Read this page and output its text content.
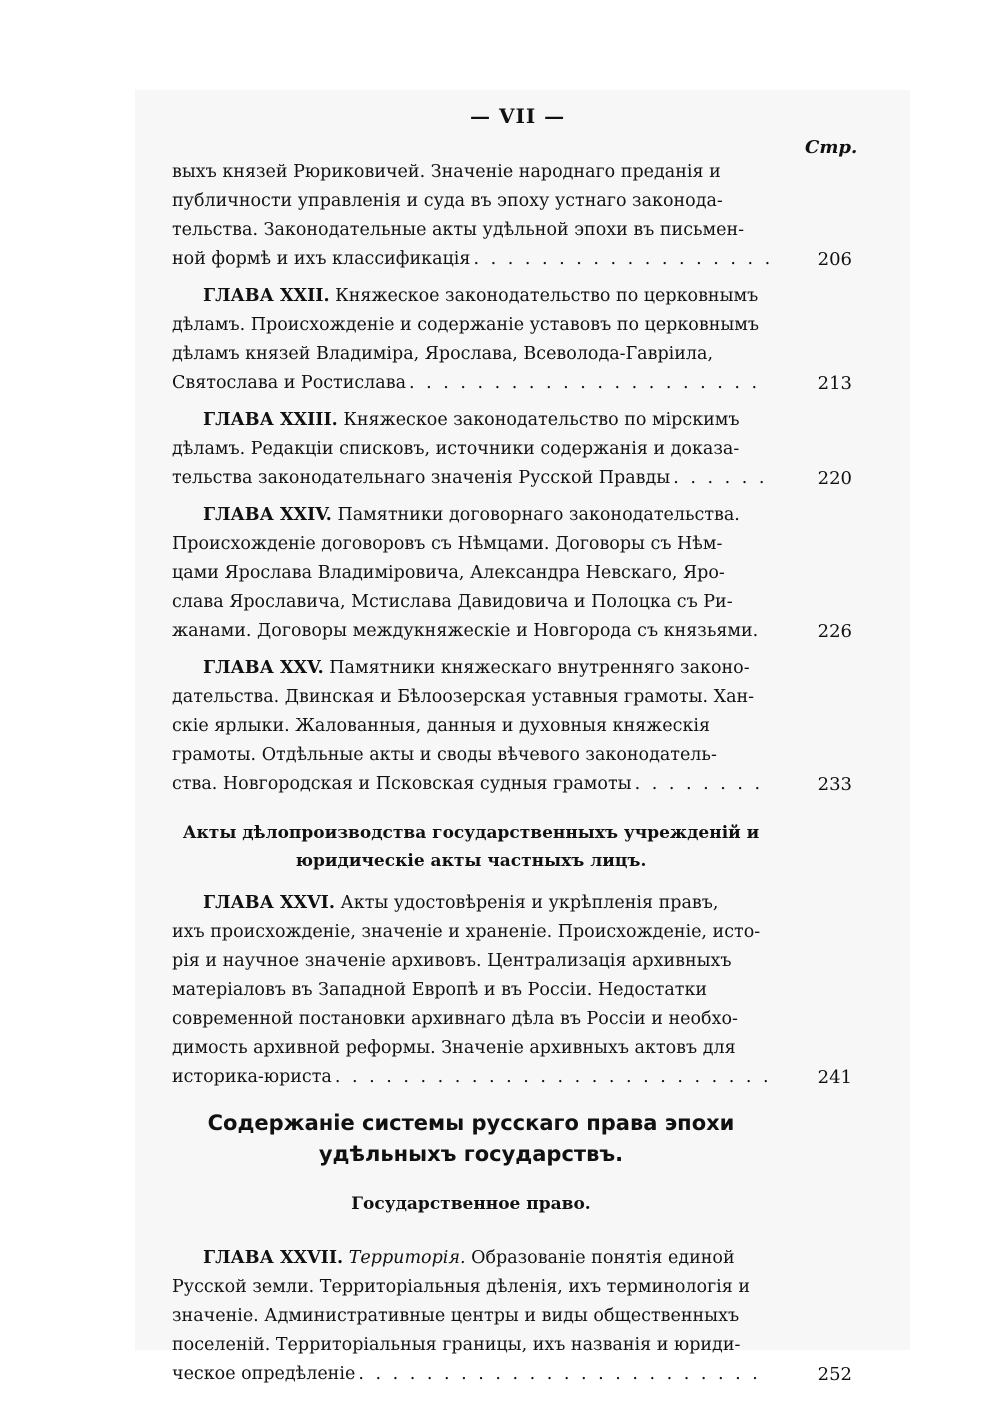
— VII —
Стр.
выхъ князей Рюриковичей. Значеніе народнаго преданія и
публичности управленія и суда въ эпоху устнаго законода-
тельства. Законодательные акты удѣльной эпохи въ письмен-
ной формѣ и ихъ классификація . . .	206
ГЛАВА XXII. Княжеское законодательство по церковнымъ
дѣламъ. Происхожденіе и содержаніе уставовъ по церковнымъ
дѣламъ князей Владиміра, Ярослава, Всеволода-Гавріила,
Святослава и Ростислава . . .	213
ГЛАВА XXIII. Княжеское законодательство по мірскимъ
дѣламъ. Редакціи списковъ, источники содержанія и доказа-
тельства законодательнаго значенія Русской Правды . . .	220
ГЛАВА XXIV. Памятники договорнаго законодательства.
Происхожденіе договоровъ съ Нѣмцами. Договоры съ Нѣм-
цами Ярослава Владиміровича, Александра Невскаго, Яро-
слава Ярославича, Мстислава Давидовича и Полоцка съ Ри-
жанами. Договоры междукняжескіе и Новгорода съ князьями.	226
ГЛАВА XXV. Памятники княжескаго внутренняго законо-
дательства. Двинская и Бѣлоозерская уставныя грамоты. Хан-
скіе ярлыки. Жалованныя, данныя и духовныя княжескія
грамоты. Отдѣльные акты и своды вѣчевого законодатель-
ства. Новгородская и Псковская судныя грамоты . . .	233
Акты дѣлопроизводства государственныхъ учрежденій и юридическіе акты частныхъ лицъ.
ГЛАВА XXVI. Акты удостовѣренія и укрѣпленія правъ,
ихъ происхожденіе, значеніе и храненіе. Происхожденіе, исто-
рія и научное значеніе архивовъ. Централизація архивныхъ
матеріаловъ въ Западной Европѣ и въ Россіи. Недостатки
современной постановки архивнаго дѣла въ Россіи и необхо-
димость архивной реформы. Значеніе архивныхъ актовъ для
историка-юриста . . .	241
Содержаніе системы русскаго права эпохи удѣльныхъ государствъ.
Государственное право.
ГЛАВА XXVII. Территорія. Образованіе понятія единой
Русской земли. Территоріальныя дѣленія, ихъ терминологія и
значеніе. Административные центры и виды общественныхъ
поселеній. Территоріальныя границы, ихъ названія и юриди-
ческое опредѣленіе . . .	252
